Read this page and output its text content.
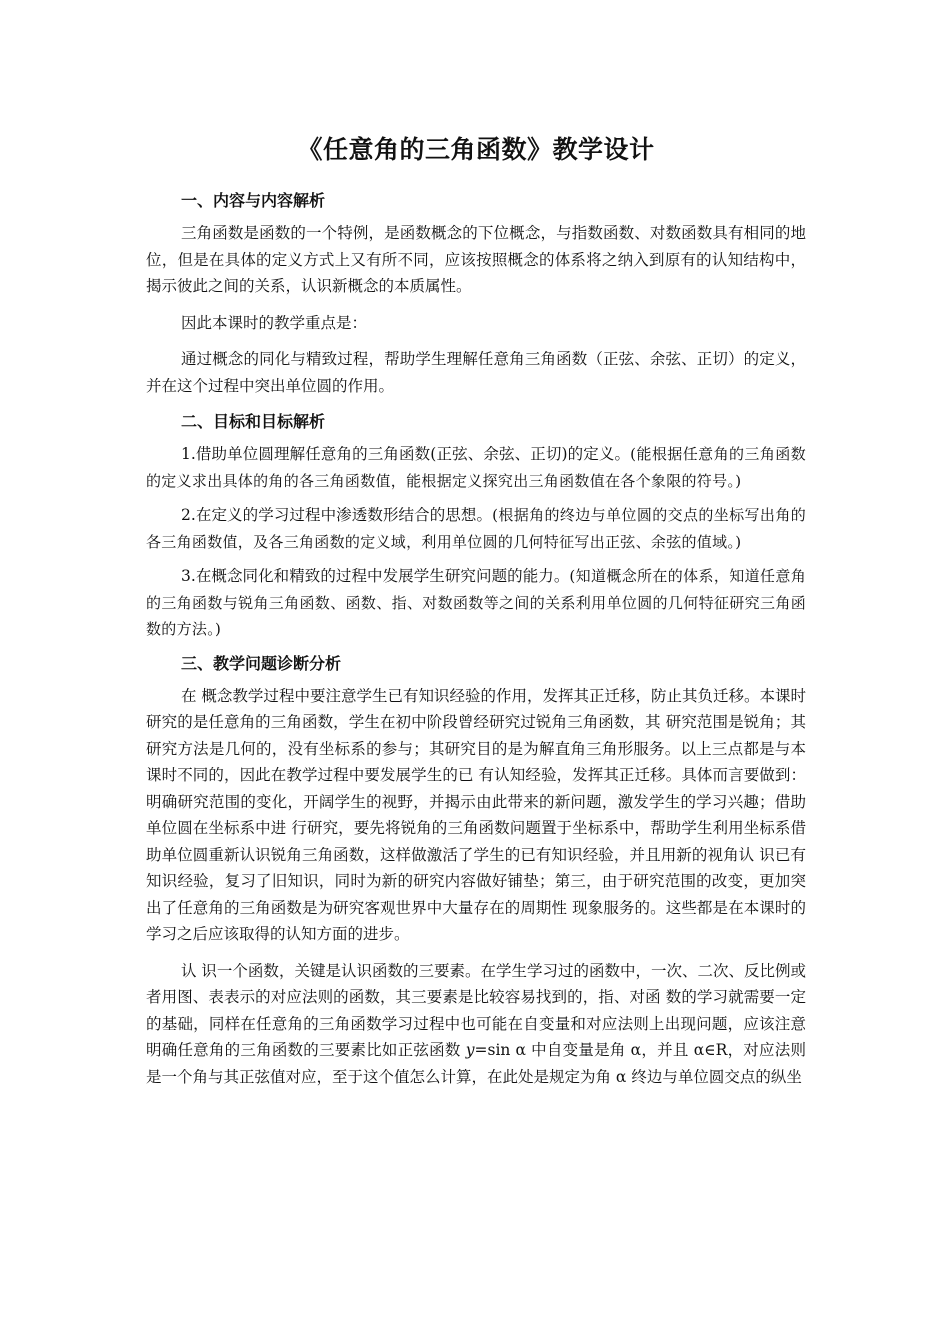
《任意角的三角函数》教学设计
一、内容与内容解析

三角函数是函数的一个特例，是函数概念的下位概念，与指数函数、对数函数具有相同的地位，但是在具体的定义方式上又有所不同，应该按照概念的体系将之纳入到原有的认知结构中，揭示彼此之间的关系，认识新概念的本质属性。

因此本课时的教学重点是：

通过概念的同化与精致过程，帮助学生理解任意角三角函数（正弦、余弦、正切）的定义，并在这个过程中突出单位圆的作用。

二、目标和目标解析

1.借助单位圆理解任意角的三角函数(正弦、余弦、正切)的定义。(能根据任意角的三角函数的定义求出具体的角的各三角函数值，能根据定义探究出三角函数值在各个象限的符号。)

2.在定义的学习过程中渗透数形结合的思想。(根据角的终边与单位圆的交点的坐标写出角的各三角函数值，及各三角函数的定义域，利用单位圆的几何特征写出正弦、余弦的值域。)

3.在概念同化和精致的过程中发展学生研究问题的能力。(知道概念所在的体系，知道任意角的三角函数与锐角三角函数、函数、指、对数函数等之间的关系利用单位圆的几何特征研究三角函数的方法。)

三、教学问题诊断分析

在 概念教学过程中要注意学生已有知识经验的作用，发挥其正迁移，防止其负迁移。本课时研究的是任意角的三角函数，学生在初中阶段曾经研究过锐角三角函数，其 研究范围是锐角；其研究方法是几何的，没有坐标系的参与；其研究目的是为解直角三角形服务。以上三点都是与本课时不同的，因此在教学过程中要发展学生的已 有认知经验，发挥其正迁移。具体而言要做到：明确研究范围的变化，开阔学生的视野，并揭示由此带来的新问题，激发学生的学习兴趣；借助单位圆在坐标系中进 行研究，要先将锐角的三角函数问题置于坐标系中，帮助学生利用坐标系借助单位圆重新认识锐角三角函数，这样做激活了学生的已有知识经验，并且用新的视角认 识已有知识经验，复习了旧知识，同时为新的研究内容做好铺垫；第三，由于研究范围的改变，更加突出了任意角的三角函数是为研究客观世界中大量存在的周期性 现象服务的。这些都是在本课时的学习之后应该取得的认知方面的进步。

认 识一个函数，关键是认识函数的三要素。在学生学习过的函数中，一次、二次、反比例或者用图、表表示的对应法则的函数，其三要素是比较容易找到的，指、对函 数的学习就需要一定的基础，同样在任意角的三角函数学习过程中也可能在自变量和对应法则上出现问题，应该注意明确任意角的三角函数的三要素比如正弦函数 y=sin α 中自变量是角 α，并且 α∈R，对应法则是一个角与其正弦值对应，至于这个值怎么计算，在此处是规定为角 α 终边与单位圆交点的纵坐
